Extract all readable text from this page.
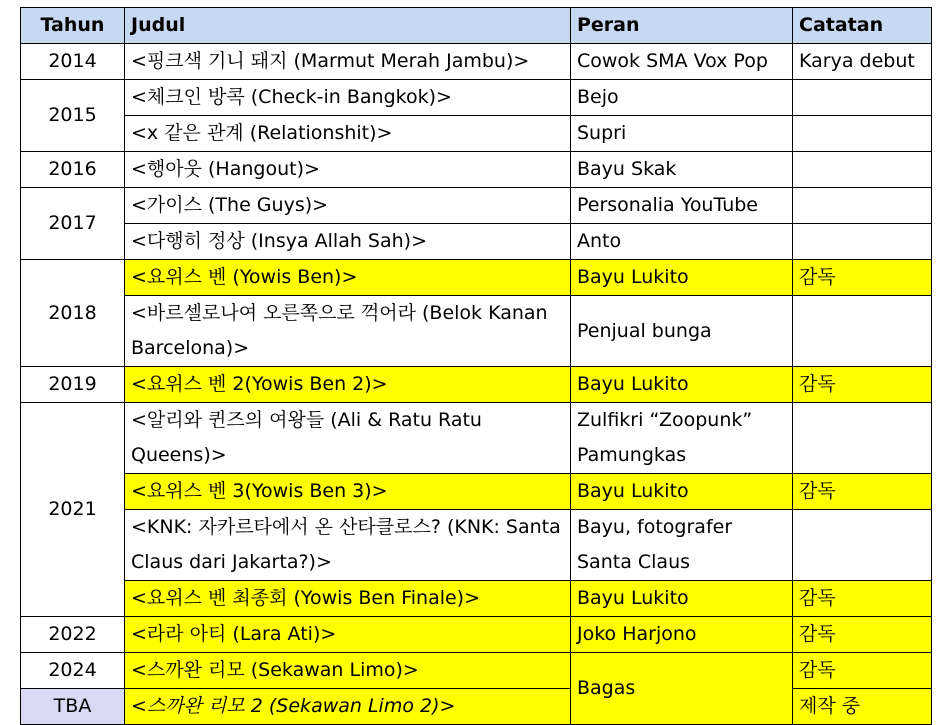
Tahun	Judul	Peran	Catatan
2014	<핑크색 기니 돼지 (Marmut Merah Jambu)>	Cowok SMA Vox Pop	Karya debut
2015	<체크인 방콕 (Check-in Bangkok)>	Bejo	
	<x 같은 관계 (Relationshit)>	Supri	
2016	<행아웃 (Hangout)>	Bayu Skak	
2017	<가이스 (The Guys)>	Personalia YouTube	
	<다행히 정상 (Insya Allah Sah)>	Anto	
2018	<요위스 벤 (Yowis Ben)>	Bayu Lukito	감독
	<바르셀로나여 오른쪽으로 꺽어라 (Belok Kanan Barcelona)>	Penjual bunga	
2019	<요위스 벤 2(Yowis Ben 2)>	Bayu Lukito	감독
2021	<알리와 퀸즈의 여왕들 (Ali & Ratu Ratu Queens)>	Zulfikri “Zoopunk” Pamungkas	
	<요위스 벤 3(Yowis Ben 3)>	Bayu Lukito	감독
	<KNK: 자카르타에서 온 산타클로스? (KNK: Santa Claus dari Jakarta?)>	Bayu, fotografer Santa Claus	
	<요위스 벤 최종회 (Yowis Ben Finale)>	Bayu Lukito	감독
2022	<라라 아티 (Lara Ati)>	Joko Harjono	감독
2024	<스까완 리모 (Sekawan Limo)>	Bagas	감독
TBA	<스까완 리모 2 (Sekawan Limo 2)>		제작 중
